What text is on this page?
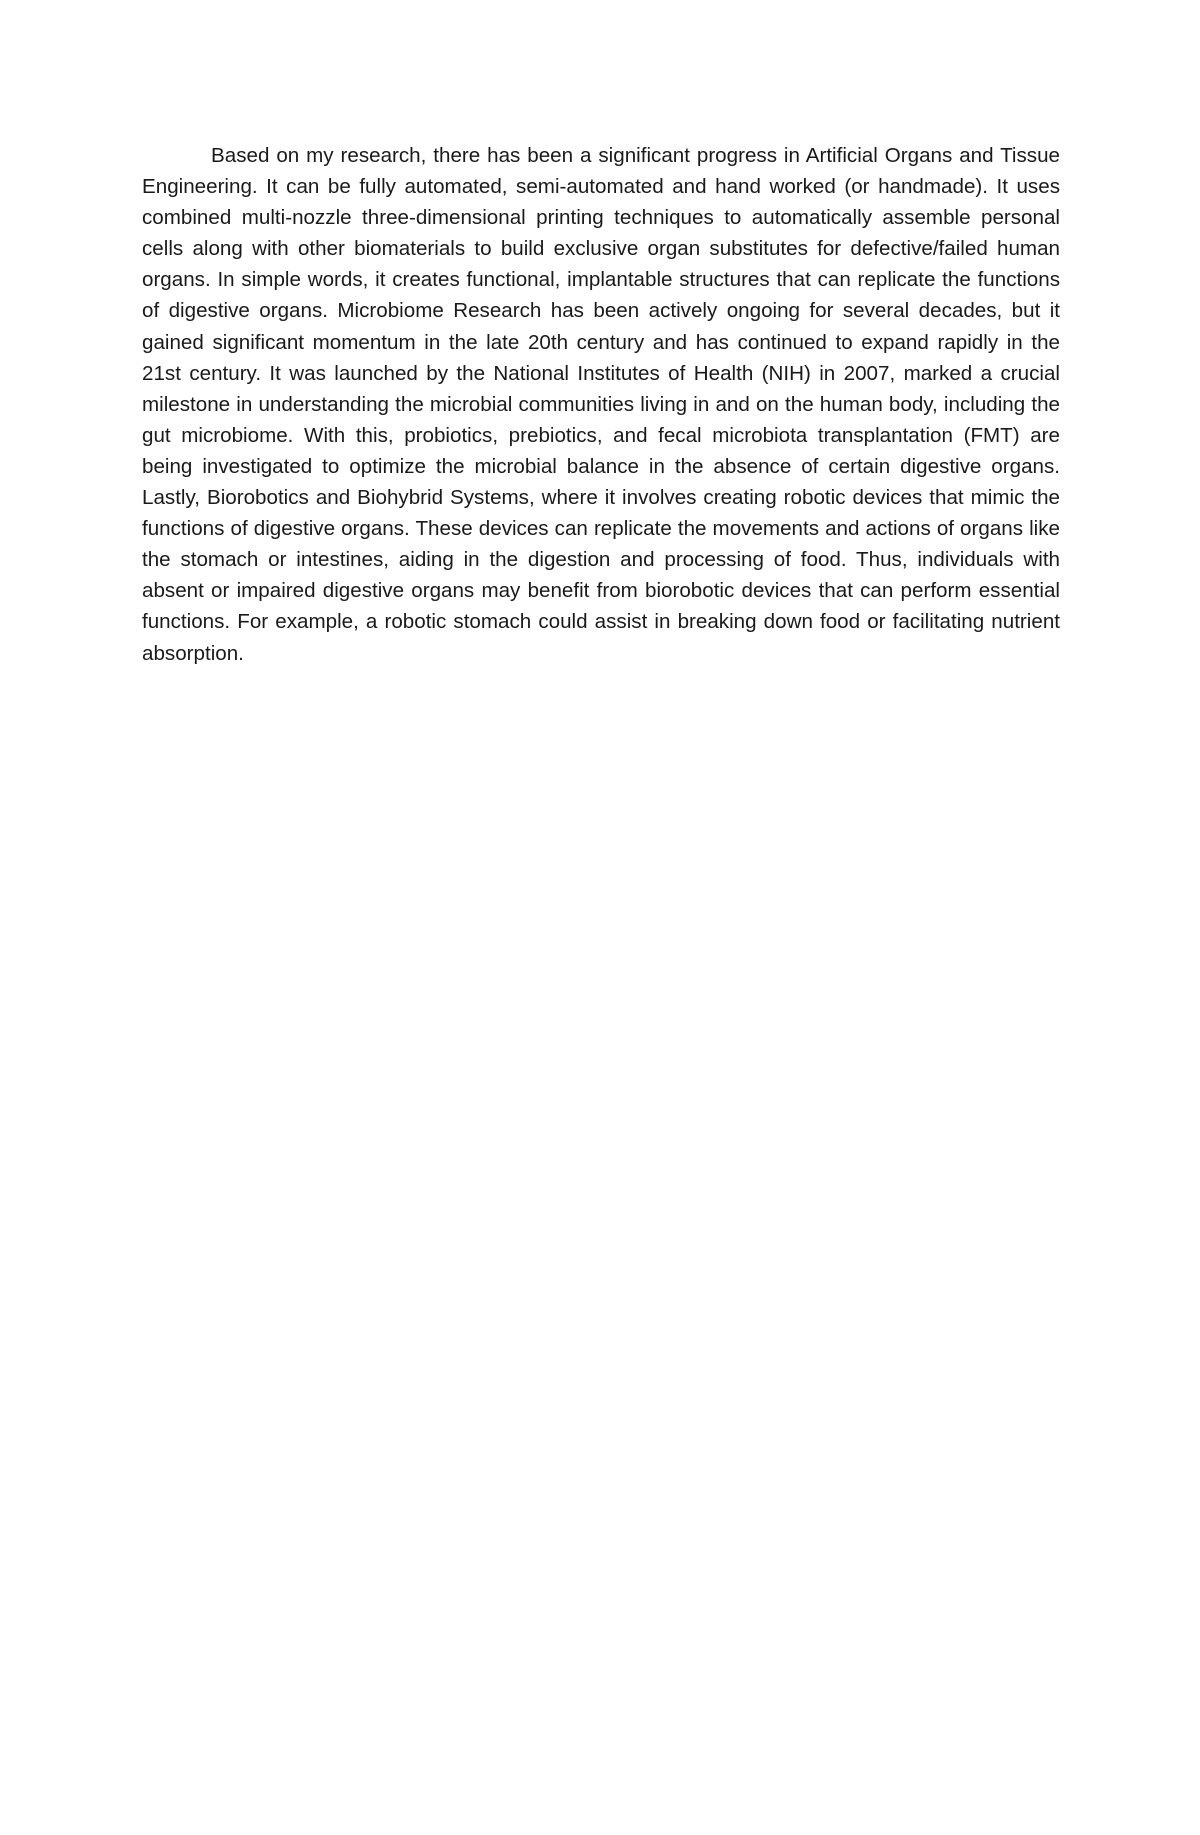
Based on my research, there has been a significant progress in Artificial Organs and Tissue Engineering. It can be fully automated, semi-automated and hand worked (or handmade). It uses combined multi-nozzle three-dimensional printing techniques to automatically assemble personal cells along with other biomaterials to build exclusive organ substitutes for defective/failed human organs. In simple words, it creates functional, implantable structures that can replicate the functions of digestive organs. Microbiome Research has been actively ongoing for several decades, but it gained significant momentum in the late 20th century and has continued to expand rapidly in the 21st century. It was launched by the National Institutes of Health (NIH) in 2007, marked a crucial milestone in understanding the microbial communities living in and on the human body, including the gut microbiome. With this, probiotics, prebiotics, and fecal microbiota transplantation (FMT) are being investigated to optimize the microbial balance in the absence of certain digestive organs. Lastly, Biorobotics and Biohybrid Systems, where it involves creating robotic devices that mimic the functions of digestive organs. These devices can replicate the movements and actions of organs like the stomach or intestines, aiding in the digestion and processing of food. Thus, individuals with absent or impaired digestive organs may benefit from biorobotic devices that can perform essential functions. For example, a robotic stomach could assist in breaking down food or facilitating nutrient absorption.
